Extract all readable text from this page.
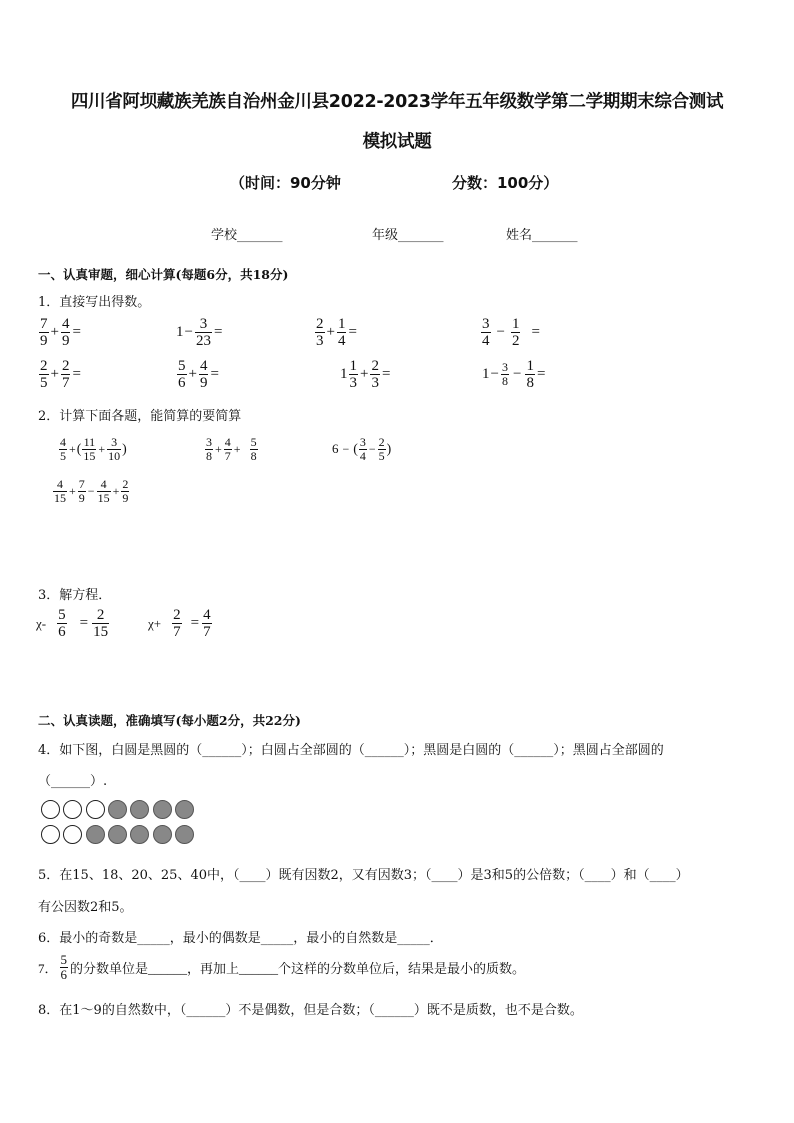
四川省阿坝藏族羌族自治州金川县2022-2023学年五年级数学第二学期期末综合测试
模拟试题
（时间：90分钟	分数：100分）
学校_______	年级_______	姓名_______
一、认真审题，细心计算(每题6分，共18分)
1．直接写出得数。
$\frac{7}{9} + \frac{4}{9}$ =	$1 - \frac{3}{23}$ =	$\frac{2}{3} + \frac{1}{4}$ =	$\frac{3}{4} - \frac{1}{2}$ =
$\frac{2}{5} + \frac{2}{7}$ =	$\frac{5}{6} + \frac{4}{9}$ =	$1 \frac{1}{3} + \frac{2}{3}$ =	$1 - \frac{3}{8} - \frac{1}{8}$ =
2．计算下面各题，能简算的要简算
$\frac{4}{5}$ + ( $\frac{11}{15} + \frac{3}{10}$ )	$\frac{3}{8} + \frac{4}{7} + \frac{5}{8}$	6 − ( $\frac{3}{4} - \frac{2}{5}$ )
$\frac{4}{15} + \frac{7}{9} - \frac{4}{15} + \frac{2}{9}$
3．解方程．
$\chi- \frac{5}{6} = \frac{2}{15}$	$\chi+ \frac{2}{7} = \frac{4}{7}$
二、认真读题，准确填写(每小题2分，共22分)
4．如下图，白圆是黑圆的（______）；白圆占全部圆的（______）；黑圆是白圆的（______）；黑圆占全部圆的
（______）.
5．在15、18、20、25、40中，（____）既有因数2，又有因数3；（____）是3和5的公倍数；（____）和（____）
有公因数2和5。
6．最小的奇数是_____，最小的偶数是_____，最小的自然数是_____．
7． $\frac{5}{6}$ 的分数单位是______，再加上______个这样的分数单位后，结果是最小的质数。
8．在1～9的自然数中，（______）不是偶数，但是合数；（______）既不是质数，也不是合数。
